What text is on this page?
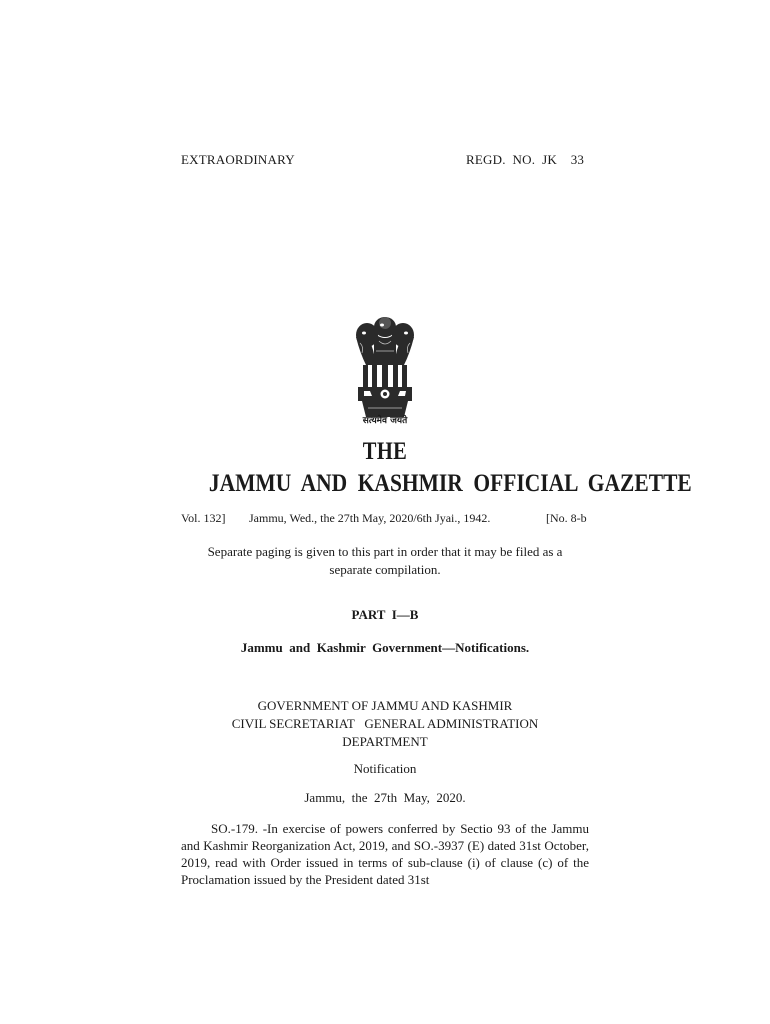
EXTRAORDINARY	REGD.  NO.  JK    33
सत्यमेव जयते
THE
JAMMU AND KASHMIR OFFICIAL GAZETTE
Vol. 132] Jammu, Wed., the 27th May, 2020/6th Jyai., 1942.	[No. 8-b
Separate paging is given to this part in order that it may be filed as a
separate compilation.
PART  I—B
Jammu  and  Kashmir  Government—Notifications.
GOVERNMENT OF JAMMU AND KASHMIR
CIVIL SECRETARIAT   GENERAL ADMINISTRATION
DEPARTMENT
Notification
Jammu,  the  27th  May,  2020.
SO.-179. -In exercise of powers conferred by Sectio 93 of the Jammu and Kashmir Reorganization Act, 2019, and SO.-3937 (E) dated 31st October, 2019, read with Order issued in terms of sub-clause (i) of clause (c) of the Proclamation issued by the President dated 31st
